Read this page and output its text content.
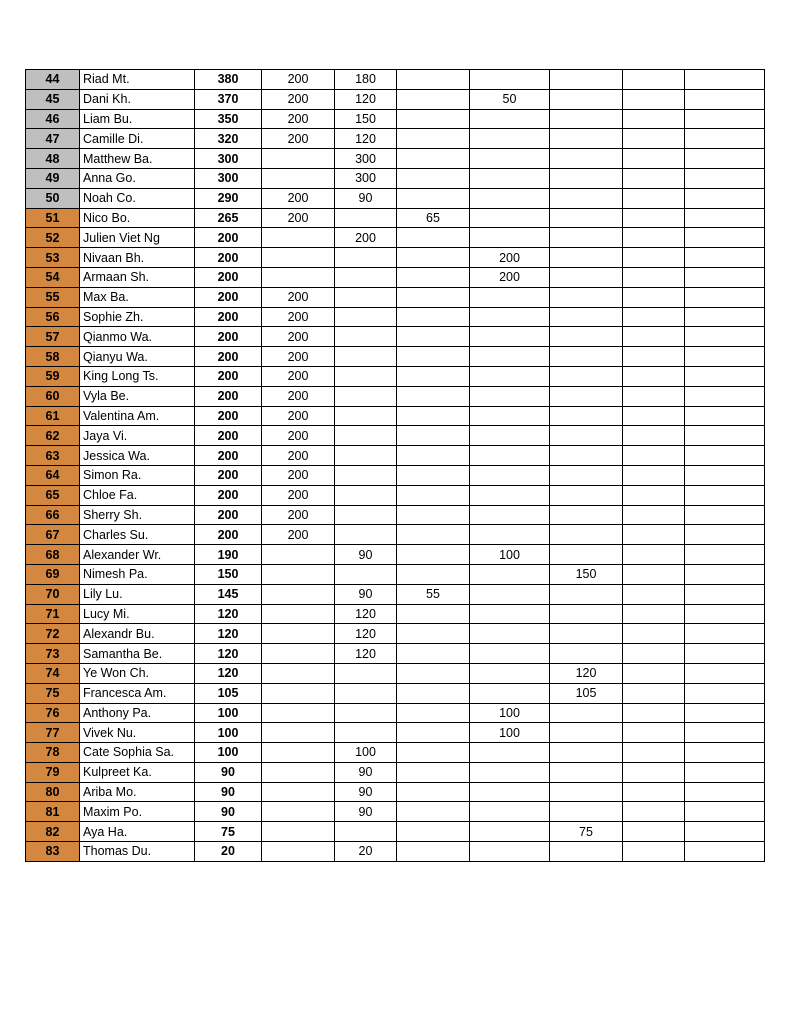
44	Riad Mt.	380	200	180					
45	Dani Kh.	370	200	120		50			
46	Liam Bu.	350	200	150					
47	Camille Di.	320	200	120					
48	Matthew Ba.	300		300					
49	Anna Go.	300		300					
50	Noah Co.	290	200	90					
51	Nico Bo.	265	200		65				
52	Julien Viet Ng	200		200					
53	Nivaan Bh.	200				200			
54	Armaan Sh.	200				200			
55	Max Ba.	200	200						
56	Sophie Zh.	200	200						
57	Qianmo Wa.	200	200						
58	Qianyu Wa.	200	200						
59	King Long Ts.	200	200						
60	Vyla Be.	200	200						
61	Valentina Am.	200	200						
62	Jaya Vi.	200	200						
63	Jessica Wa.	200	200						
64	Simon Ra.	200	200						
65	Chloe Fa.	200	200						
66	Sherry Sh.	200	200						
67	Charles Su.	200	200						
68	Alexander Wr.	190		90		100			
69	Nimesh Pa.	150					150		
70	Lily Lu.	145		90	55				
71	Lucy Mi.	120		120					
72	Alexandr Bu.	120		120					
73	Samantha Be.	120		120					
74	Ye Won Ch.	120					120		
75	Francesca Am.	105					105		
76	Anthony Pa.	100				100			
77	Vivek Nu.	100				100			
78	Cate Sophia Sa.	100		100					
79	Kulpreet Ka.	90		90					
80	Ariba Mo.	90		90					
81	Maxim Po.	90		90					
82	Aya Ha.	75					75		
83	Thomas Du.	20		20					
